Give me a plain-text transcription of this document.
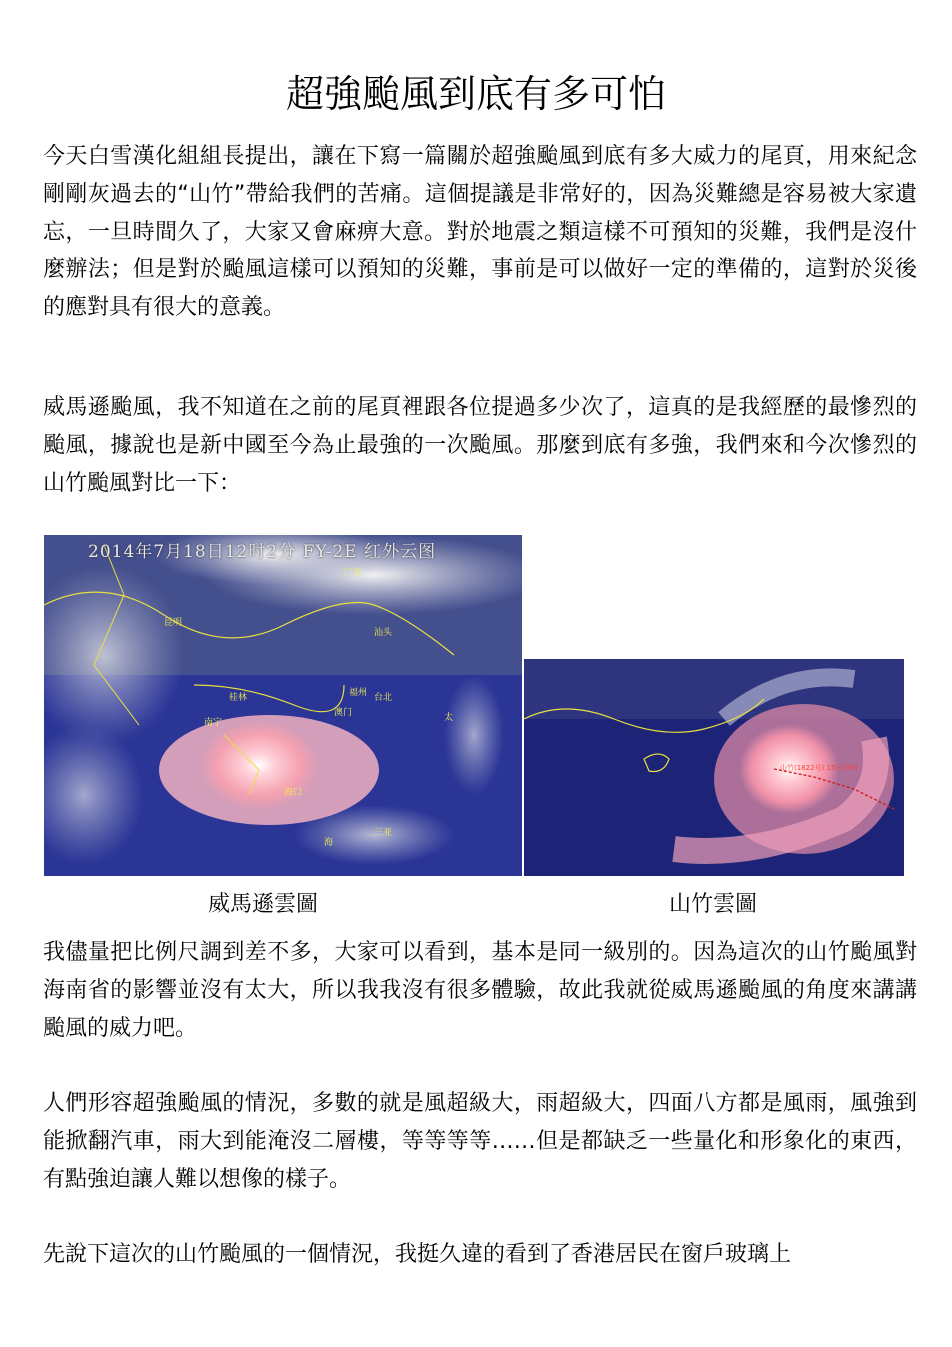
超強颱風到底有多可怕

今天白雪漢化組組長提出，讓在下寫一篇關於超強颱風到底有多大威力的尾頁，用來紀念剛剛灰過去的“山竹”帶給我們的苦痛。這個提議是非常好的，因為災難總是容易被大家遺忘，一旦時間久了，大家又會麻痹大意。對於地震之類這樣不可預知的災難，我們是沒什麼辦法；但是對於颱風這樣可以預知的災難，事前是可以做好一定的準備的，這對於災後的應對具有很大的意義。

威馬遜颱風，我不知道在之前的尾頁裡跟各位提過多少次了，這真的是我經歷的最慘烈的颱風，據說也是新中國至今為止最強的一次颱風。那麼到底有多強，我們來和今次慘烈的山竹颱風對比一下：

2014年7月18日12时2分 FY-2E 红外云图
广东
汕头
昆明
南宁
桂林	福州 台北
澳门
海口
三亚
海
太
山竹(1822号) 15日15时
威馬遜雲圖	山竹雲圖

我儘量把比例尺調到差不多，大家可以看到，基本是同一級別的。因為這次的山竹颱風對海南省的影響並沒有太大，所以我我沒有很多體驗，故此我就從威馬遜颱風的角度來講講颱風的威力吧。

人們形容超強颱風的情況，多數的就是風超級大，雨超級大，四面八方都是風雨，風強到能掀翻汽車，雨大到能淹沒二層樓，等等等等……但是都缺乏一些量化和形象化的東西，有點強迫讓人難以想像的樣子。

先說下這次的山竹颱風的一個情況，我挺久違的看到了香港居民在窗戶玻璃上
